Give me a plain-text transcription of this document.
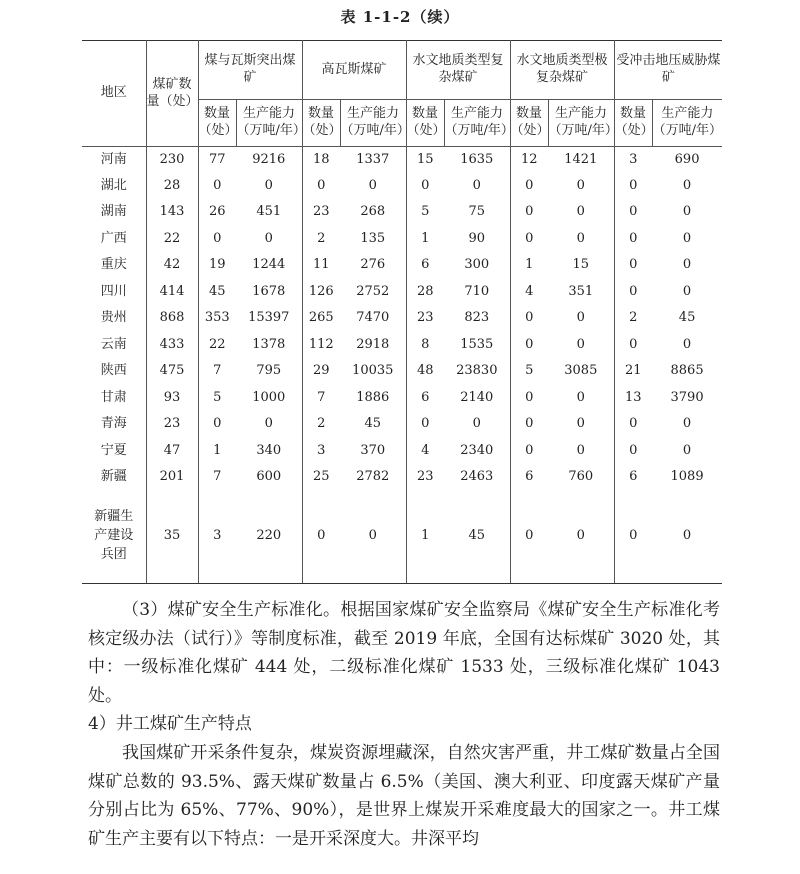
表 1-1-2（续）
地区	煤矿数量（处）	煤与瓦斯突出煤矿		高瓦斯煤矿		水文地质类型复杂煤矿		水文地质类型极复杂煤矿		受冲击地压威胁煤矿	
		数量（处）	生产能力（万吨/年）	数量（处）	生产能力（万吨/年）	数量（处）	生产能力（万吨/年）	数量（处）	生产能力（万吨/年）	数量（处）	生产能力（万吨/年）
河南	230	77	9216	18	1337	15	1635	12	1421	3	690
湖北	28	0	0	0	0	0	0	0	0	0	0
湖南	143	26	451	23	268	5	75	0	0	0	0
广西	22	0	0	2	135	1	90	0	0	0	0
重庆	42	19	1244	11	276	6	300	1	15	0	0
四川	414	45	1678	126	2752	28	710	4	351	0	0
贵州	868	353	15397	265	7470	23	823	0	0	2	45
云南	433	22	1378	112	2918	8	1535	0	0	0	0
陕西	475	7	795	29	10035	48	23830	5	3085	21	8865
甘肃	93	5	1000	7	1886	6	2140	0	0	13	3790
青海	23	0	0	2	45	0	0	0	0	0	0
宁夏	47	1	340	3	370	4	2340	0	0	0	0
新疆	201	7	600	25	2782	23	2463	6	760	6	1089
新疆生产建设兵团	35	3	220	0	0	1	45	0	0	0	0

（3）煤矿安全生产标准化。根据国家煤矿安全监察局《煤矿安全生产标准化考核定级办法（试行）》等制度标准，截至 2019 年底，全国有达标煤矿 3020 处，其中：一级标准化煤矿 444 处，二级标准化煤矿 1533 处，三级标准化煤矿 1043 处。

4）井工煤矿生产特点

我国煤矿开采条件复杂，煤炭资源埋藏深，自然灾害严重，井工煤矿数量占全国煤矿总数的 93.5%、露天煤矿数量占 6.5%（美国、澳大利亚、印度露天煤矿产量分别占比为 65%、77%、90%），是世界上煤炭开采难度最大的国家之一。井工煤矿生产主要有以下特点：一是开采深度大。井深平均
